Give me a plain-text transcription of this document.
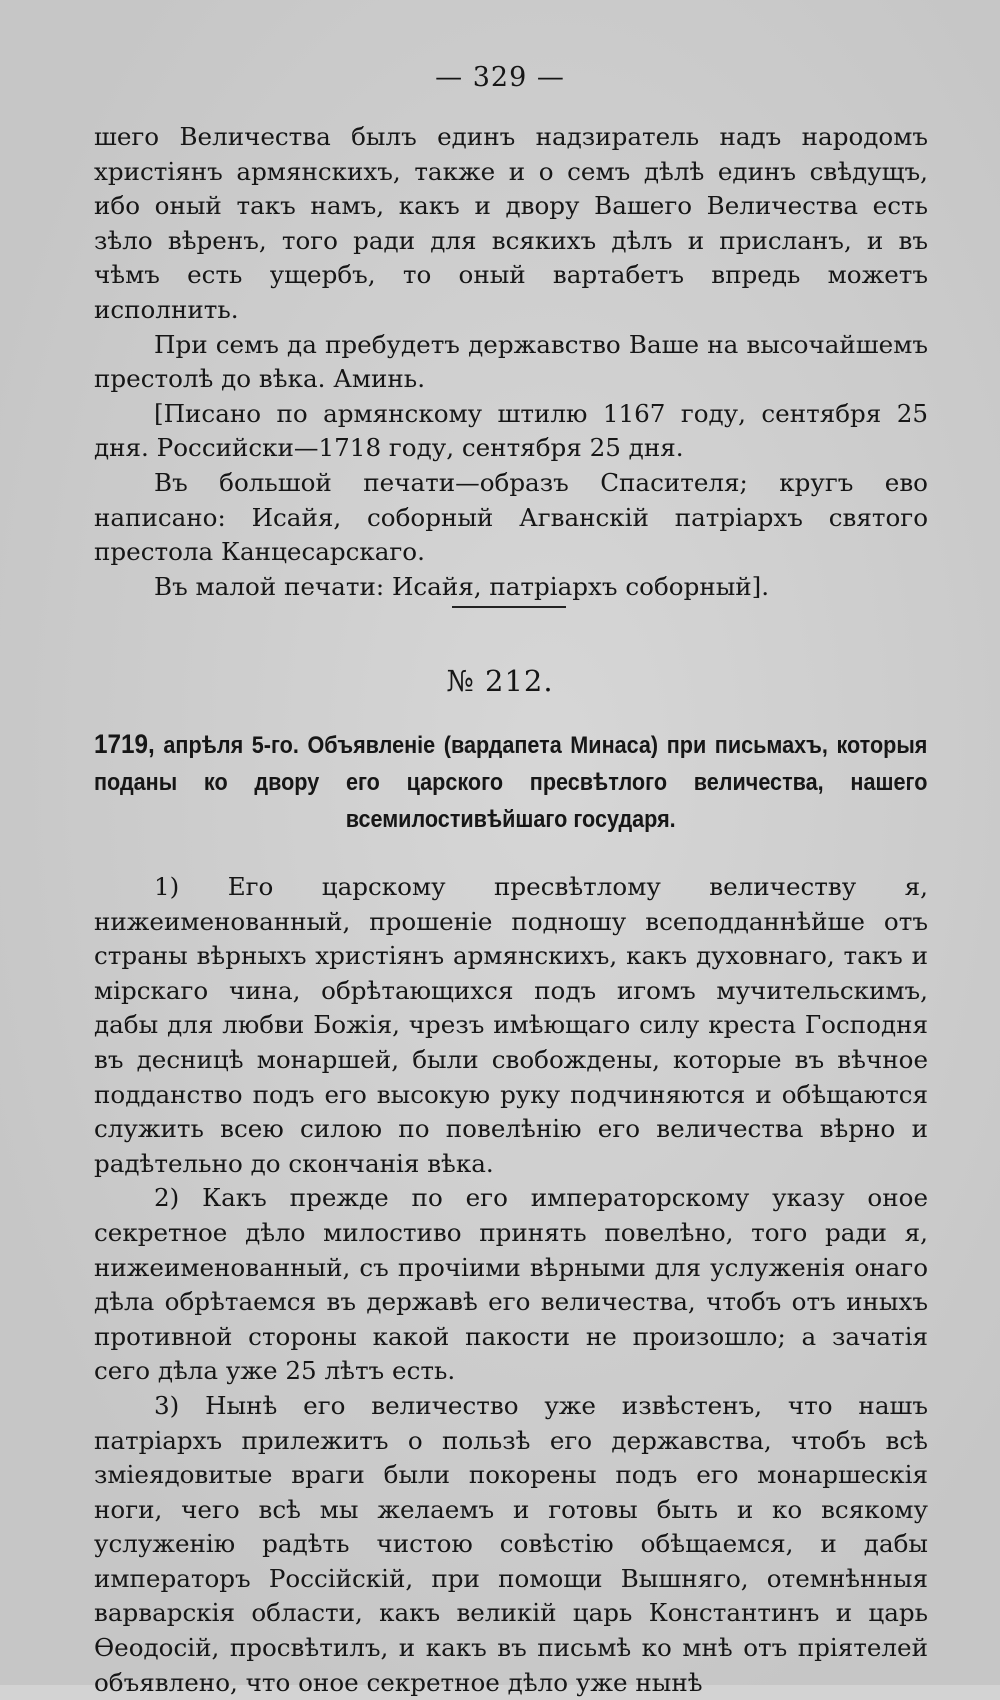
— 329 —

шего Величества былъ единъ надзиратель надъ народомъ христіянъ армянскихъ, также и о семъ дѣлѣ единъ свѣдущъ, ибо оный такъ намъ, какъ и двору Вашего Величества есть зѣло вѣренъ, того ради для всякихъ дѣлъ и присланъ, и въ чѣмъ есть ущербъ, то оный вартабетъ впредь можетъ исполнить.

При семъ да пребудетъ державство Ваше на высочайшемъ престолѣ до вѣка. Аминь.

[Писано по армянскому штилю 1167 году, сентября 25 дня. Российски—1718 году, сентября 25 дня.

Въ большой печати—образъ Спасителя; кругъ ево написано: Исайя, соборный Агванскій патріархъ святого престола Канцесарскаго.

Въ малой печати: Исайя, патріархъ соборный].

№ 212.
1719, апрѣля 5-го. Объявленіе (вардапета Минаса) при письмахъ, которыя поданы ко двору его царского пресвѣтлого величества, нашего всемилостивѣйшаго государя.

1) Его царскому пресвѣтлому величеству я, нижеименованный, прошеніе подношу всеподданнѣйше отъ страны вѣрныхъ христіянъ армянскихъ, какъ духовнаго, такъ и мірскаго чина, обрѣтающихся подъ игомъ мучительскимъ, дабы для любви Божія, чрезъ имѣющаго силу креста Господня въ десницѣ монаршей, были свобождены, которые въ вѣчное подданство подъ его высокую руку подчиняются и обѣщаются служить всею силою по повелѣнію его величества вѣрно и радѣтельно до скончанія вѣка.

2) Какъ прежде по его императорскому указу оное секретное дѣло милостиво принять повелѣно, того ради я, нижеименованный, съ прочіими вѣрными для услуженія онаго дѣла обрѣтаемся въ державѣ его величества, чтобъ отъ иныхъ противной стороны какой пакости не произошло; а зачатія сего дѣла уже 25 лѣтъ есть.

3) Нынѣ его величество уже извѣстенъ, что нашъ патріархъ прилежитъ о пользѣ его державства, чтобъ всѣ зміеядовитые враги были покорены подъ его монаршескія ноги, чего всѣ мы желаемъ и готовы быть и ко всякому услуженію радѣть чистою совѣстію обѣщаемся, и дабы императоръ Россійскій, при помощи Вышняго, отемнѣнныя варварскія области, какъ великій царь Константинъ и царь Ѳеодосій, просвѣтилъ, и какъ въ письмѣ ко мнѣ отъ пріятелей объявлено, что оное секретное дѣло уже нынѣ
